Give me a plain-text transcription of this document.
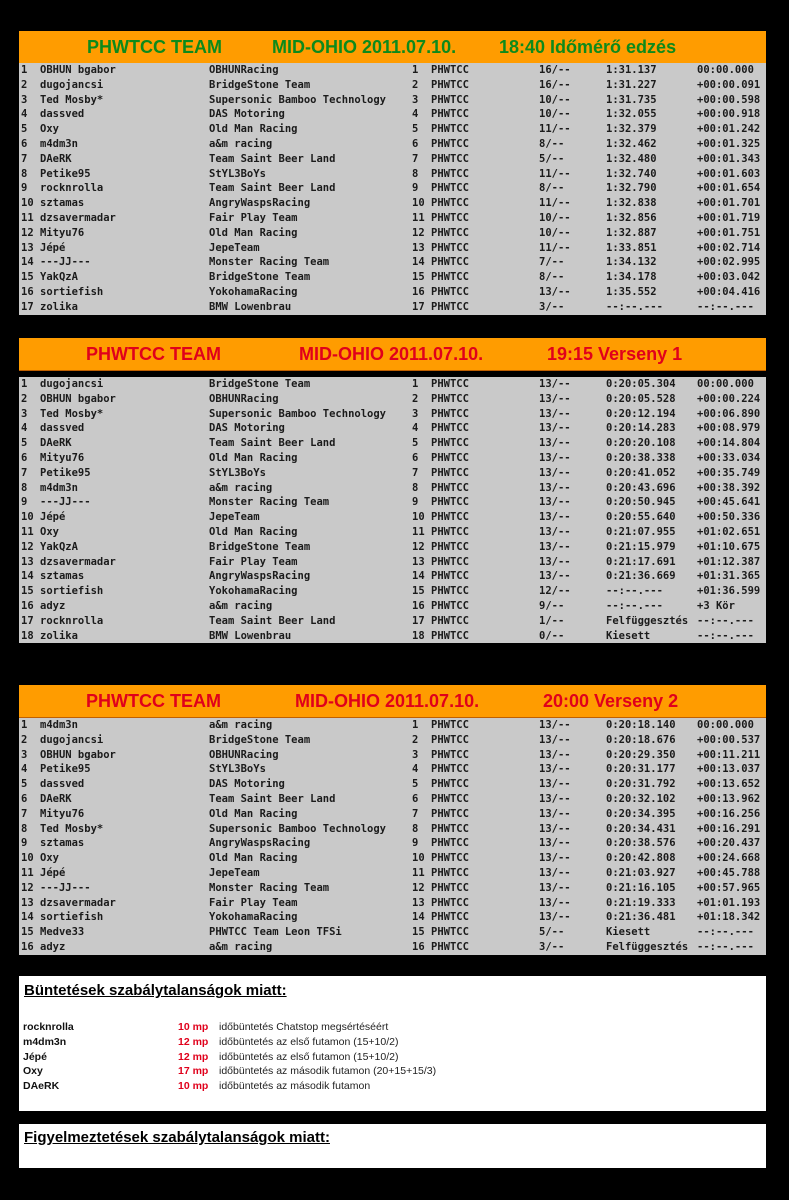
PHWTCC TEAM	MID-OHIO 2011.07.10. 18:40 Időmérő edzés
1 OBHUN bgabor	OBHUNRacing	1 PHWTCC	16/--	1:31.137	00:00.000
2 dugojancsi	BridgeStone Team	2 PHWTCC	16/--	1:31.227	+00:00.091
3 Ted Mosby*	Supersonic Bamboo Technology 3 PHWTCC	10/--	1:31.735	+00:00.598
4 dassved	DAS Motoring	4 PHWTCC	10/--	1:32.055	+00:00.918
5 Oxy	Old Man Racing	5 PHWTCC	11/--	1:32.379	+00:01.242
6 m4dm3n	a&m racing	6 PHWTCC	8/--	1:32.462	+00:01.325
7 DAeRK	Team Saint Beer Land	7 PHWTCC	5/--	1:32.480	+00:01.343
8 Petike95	StYL3BoYs	8 PHWTCC	11/--	1:32.740	+00:01.603
9 rocknrolla	Team Saint Beer Land	9 PHWTCC	8/--	1:32.790	+00:01.654
10 sztamas	AngryWaspsRacing	10 PHWTCC	11/--	1:32.838	+00:01.701
11 dzsavermadar	Fair Play Team	11 PHWTCC	10/--	1:32.856	+00:01.719
12 Mityu76	Old Man Racing	12 PHWTCC	10/--	1:32.887	+00:01.751
13 Jépé	JepeTeam	13 PHWTCC	11/--	1:33.851	+00:02.714
14 ---JJ---	Monster Racing Team	14 PHWTCC	7/--	1:34.132	+00:02.995
15 YakQzA	BridgeStone Team	15 PHWTCC	8/--	1:34.178	+00:03.042
16 sortiefish	YokohamaRacing	16 PHWTCC	13/--	1:35.552	+00:04.416
17 zolika	BMW Lowenbrau	17 PHWTCC	3/--	--:--.---	--:--.---
PHWTCC TEAM	MID-OHIO 2011.07.10.	19:15 Verseny 1
1 dugojancsi	BridgeStone Team	1 PHWTCC	13/--	0:20:05.304 00:00.000
2 OBHUN bgabor	OBHUNRacing	2 PHWTCC	13/--	0:20:05.528 +00:00.224
3 Ted Mosby*	Supersonic Bamboo Technology 3 PHWTCC	13/--	0:20:12.194 +00:06.890
4 dassved	DAS Motoring	4 PHWTCC	13/--	0:20:14.283 +00:08.979
5 DAeRK	Team Saint Beer Land	5 PHWTCC	13/--	0:20:20.108 +00:14.804
6 Mityu76	Old Man Racing	6 PHWTCC	13/--	0:20:38.338 +00:33.034
7 Petike95	StYL3BoYs	7 PHWTCC	13/--	0:20:41.052 +00:35.749
8 m4dm3n	a&m racing	8 PHWTCC	13/--	0:20:43.696 +00:38.392
9 ---JJ---	Monster Racing Team	9 PHWTCC	13/--	0:20:50.945 +00:45.641
10 Jépé	JepeTeam	10 PHWTCC	13/--	0:20:55.640 +00:50.336
11 Oxy	Old Man Racing	11 PHWTCC	13/--	0:21:07.955 +01:02.651
12 YakQzA	BridgeStone Team	12 PHWTCC	13/--	0:21:15.979 +01:10.675
13 dzsavermadar	Fair Play Team	13 PHWTCC	13/--	0:21:17.691 +01:12.387
14 sztamas	AngryWaspsRacing	14 PHWTCC	13/--	0:21:36.669 +01:31.365
15 sortiefish	YokohamaRacing	15 PHWTCC	12/--	--:--.---	+01:36.599
16 adyz	a&m racing	16 PHWTCC	9/--	--:--.---	+3 Kör
17 rocknrolla	Team Saint Beer Land	17 PHWTCC	1/--	Felfüggesztés --:--.---
18 zolika	BMW Lowenbrau	18 PHWTCC	0/--	Kiesett	--:--.---
PHWTCC TEAM	MID-OHIO 2011.07.10.	20:00 Verseny 2
1 m4dm3n	a&m racing	1 PHWTCC	13/--	0:20:18.140 00:00.000
2 dugojancsi	BridgeStone Team	2 PHWTCC	13/--	0:20:18.676 +00:00.537
3 OBHUN bgabor	OBHUNRacing	3 PHWTCC	13/--	0:20:29.350 +00:11.211
4 Petike95	StYL3BoYs	4 PHWTCC	13/--	0:20:31.177 +00:13.037
5 dassved	DAS Motoring	5 PHWTCC	13/--	0:20:31.792 +00:13.652
6 DAeRK	Team Saint Beer Land	6 PHWTCC	13/--	0:20:32.102 +00:13.962
7 Mityu76	Old Man Racing	7 PHWTCC	13/--	0:20:34.395 +00:16.256
8 Ted Mosby*	Supersonic Bamboo Technology 8 PHWTCC	13/--	0:20:34.431 +00:16.291
9 sztamas	AngryWaspsRacing	9 PHWTCC	13/--	0:20:38.576 +00:20.437
10 Oxy	Old Man Racing	10 PHWTCC	13/--	0:20:42.808 +00:24.668
11 Jépé	JepeTeam	11 PHWTCC	13/--	0:21:03.927 +00:45.788
12 ---JJ---	Monster Racing Team	12 PHWTCC	13/--	0:21:16.105 +00:57.965
13 dzsavermadar	Fair Play Team	13 PHWTCC	13/--	0:21:19.333 +01:01.193
14 sortiefish	YokohamaRacing	14 PHWTCC	13/--	0:21:36.481 +01:18.342
15 Medve33	PHWTCC Team Leon TFSi	15 PHWTCC	5/--	Kiesett	--:--.---
16 adyz	a&m racing	16 PHWTCC	3/--	Felfüggesztés --:--.---
Büntetések szabálytalanságok miatt:
rocknrolla	10 mp időbüntetés Chatstop megsértéséért
m4dm3n	12 mp időbüntetés az első futamon (15+10/2)
Jépé	12 mp időbüntetés az első futamon (15+10/2)
Oxy	17 mp időbüntetés az második futamon (20+15+15/3)
DAeRK	10 mp időbüntetés az második futamon
Figyelmeztetések szabálytalanságok miatt:
